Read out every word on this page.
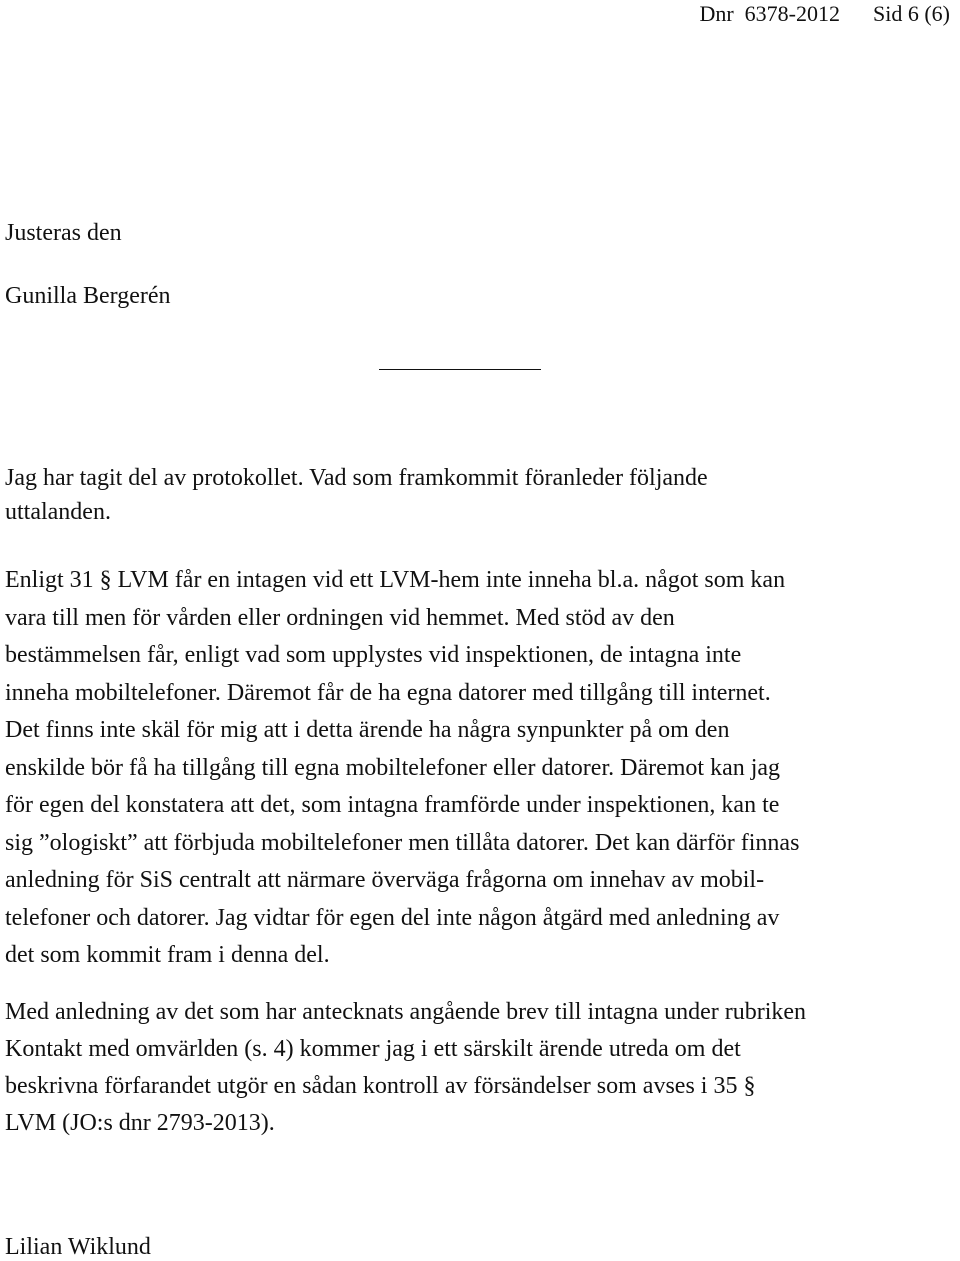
Dnr  6378-2012 Sid 6 (6)
Justeras den
Gunilla Bergerén
Jag har tagit del av protokollet. Vad som framkommit föranleder följande
uttalanden.
Enligt 31 § LVM får en intagen vid ett LVM-hem inte inneha bl.a. något som kan
vara till men för vården eller ordningen vid hemmet. Med stöd av den
bestämmelsen får, enligt vad som upplystes vid inspektionen, de intagna inte
inneha mobiltelefoner. Däremot får de ha egna datorer med tillgång till internet.
Det finns inte skäl för mig att i detta ärende ha några synpunkter på om den
enskilde bör få ha tillgång till egna mobiltelefoner eller datorer. Däremot kan jag
för egen del konstatera att det, som intagna framförde under inspektionen, kan te
sig ”ologiskt” att förbjuda mobiltelefoner men tillåta datorer. Det kan därför finnas
anledning för SiS centralt att närmare överväga frågorna om innehav av mobil-
telefoner och datorer. Jag vidtar för egen del inte någon åtgärd med anledning av
det som kommit fram i denna del.
Med anledning av det som har antecknats angående brev till intagna under rubriken
Kontakt med omvärlden (s. 4) kommer jag i ett särskilt ärende utreda om det
beskrivna förfarandet utgör en sådan kontroll av försändelser som avses i 35 §
LVM (JO:s dnr 2793-2013).
Lilian Wiklund
